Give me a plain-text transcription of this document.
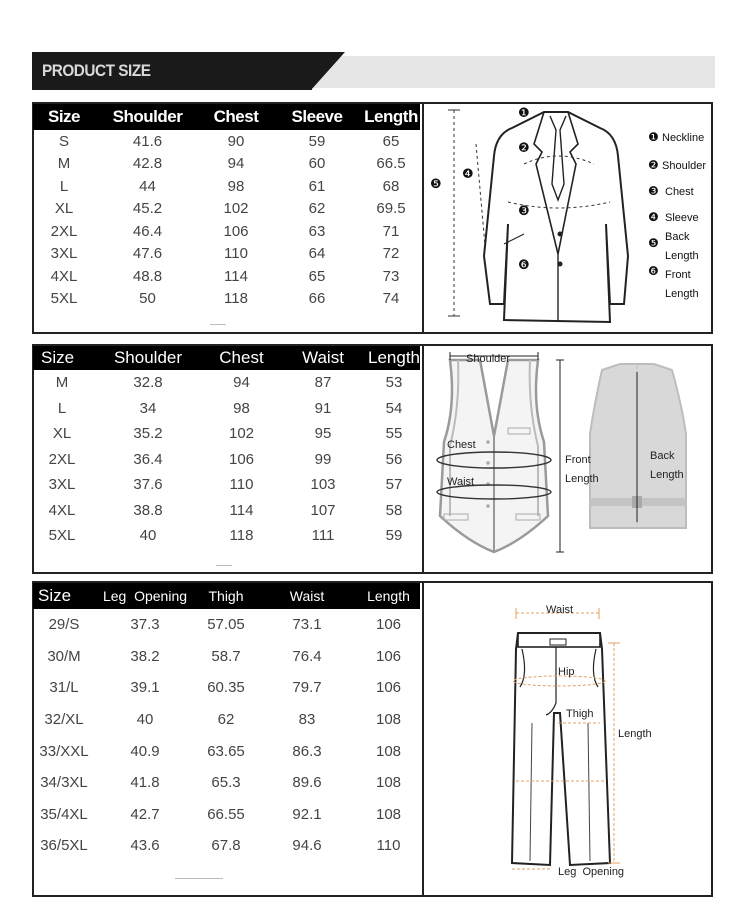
PRODUCT SIZE
Size	Shoulder	Chest	Sleeve	Length
S	41.6	90	59	65
M	42.8	94	60	66.5
L	44	98	61	68
XL	45.2	102	62	69.5
2XL	46.4	106	63	71
3XL	47.6	110	64	72
4XL	48.8	114	65	73
5XL	50	118	66	74
❶
❷
❸
❹
❺
❻
❶ Neckline
❷ Shoulder
❸ Chest
❹ Sleeve
❺ Back
Length
❻ Front
Length
Size	Shoulder	Chest	Waist	Length
M	32.8	94	87	53
L	34	98	91	54
XL	35.2	102	95	55
2XL	36.4	106	99	56
3XL	37.6	110	103	57
4XL	38.8	114	107	58
5XL	40	118	111	59
Shoulder
Chest
Waist
Front
Length
Back
Length
Size	Leg  Opening	Thigh	Waist	Length
29/S	37.3	57.05	73.1	106
30/M	38.2	58.7	76.4	106
31/L	39.1	60.35	79.7	106
32/XL	40	62	83	108
33/XXL	40.9	63.65	86.3	108
34/3XL	41.8	65.3	89.6	108
35/4XL	42.7	66.55	92.1	108
36/5XL	43.6	67.8	94.6	110
Waist
Hip
Thigh
Length
Leg  Opening
